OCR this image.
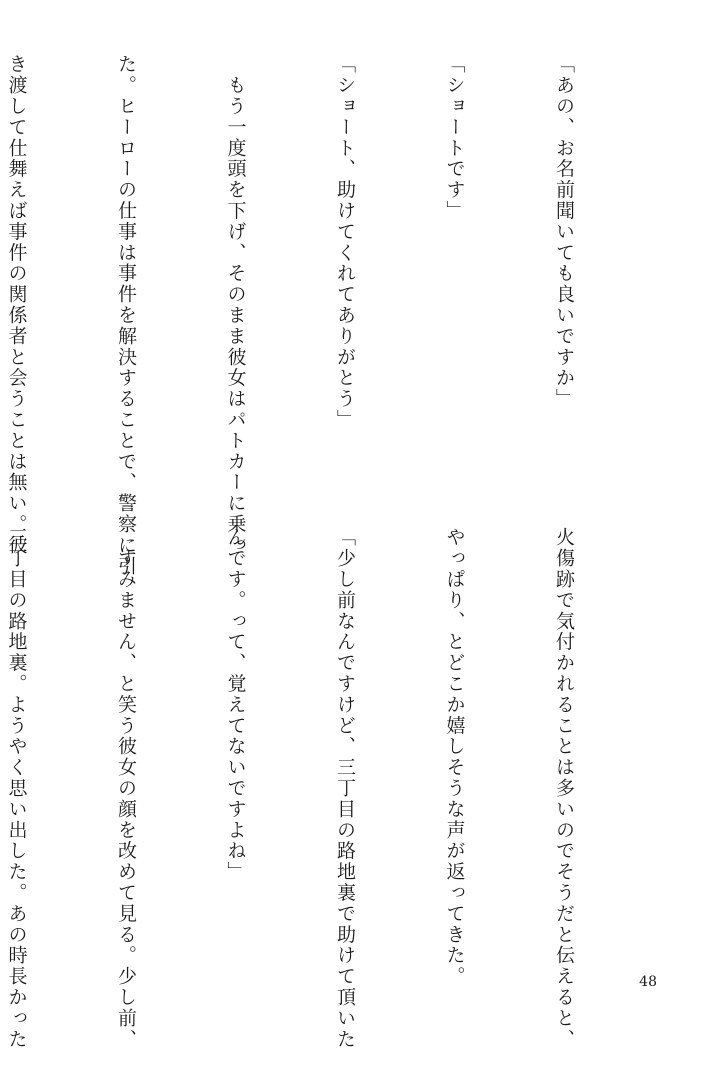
「あの、お名前聞いても良いですか」

「ショートです」

「ショート、助けてくれてありがとう」

　もう一度頭を下げ、そのまま彼女はパトカーに乗っ

た。ヒーローの仕事は事件を解決することで、警察に引

き渡して仕舞えば事件の関係者と会うことは無い。彼

火傷跡で気付かれることは多いのでそうだと伝えると、

やっぱり、とどこか嬉しそうな声が返ってきた。

「少し前なんですけど、三丁目の路地裏で助けて頂いた

んです。って、覚えてないですよね」

　すみません、と笑う彼女の顔を改めて見る。少し前、

三丁目の路地裏。ようやく思い出した。あの時長かった

	48
